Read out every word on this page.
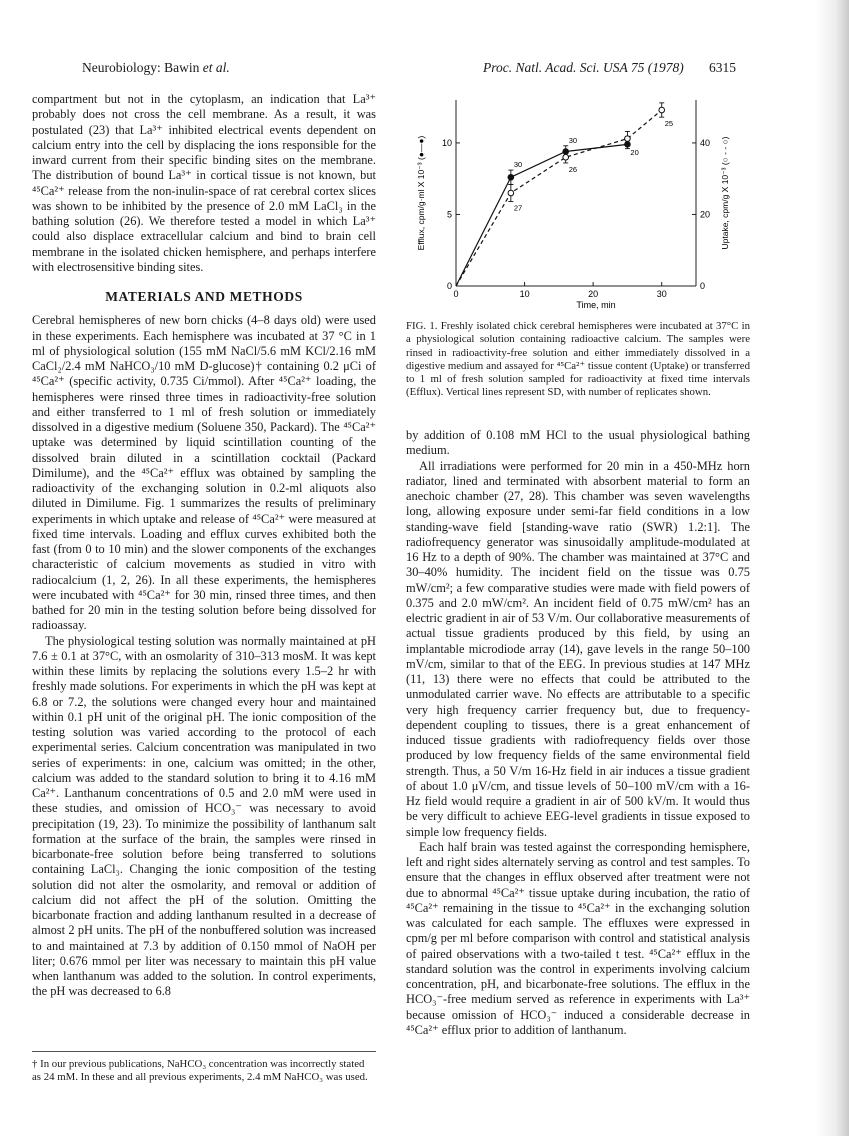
Neurobiology: Bawin et al.	Proc. Natl. Acad. Sci. USA 75 (1978) 6315

compartment but not in the cytoplasm, an indication that La³⁺ probably does not cross the cell membrane. As a result, it was postulated (23) that La³⁺ inhibited electrical events dependent on calcium entry into the cell by displacing the ions responsible for the inward current from their specific binding sites on the membrane. The distribution of bound La³⁺ in cortical tissue is not known, but ⁴⁵Ca²⁺ release from the non-inulin-space of rat cerebral cortex slices was shown to be inhibited by the presence of 2.0 mM LaCl₃ in the bathing solution (26). We therefore tested a model in which La³⁺ could also displace extracellular calcium and bind to brain cell membrane in the isolated chicken hemisphere, and perhaps interfere with electrosensitive binding sites.

MATERIALS AND METHODS

Cerebral hemispheres of new born chicks (4–8 days old) were used in these experiments. Each hemisphere was incubated at 37 °C in 1 ml of physiological solution (155 mM NaCl/5.6 mM KCl/2.16 mM CaCl₂/2.4 mM NaHCO₃/10 mM D-glucose)† containing 0.2 μCi of ⁴⁵Ca²⁺ (specific activity, 0.735 Ci/mmol). After ⁴⁵Ca²⁺ loading, the hemispheres were rinsed three times in radioactivity-free solution and either transferred to 1 ml of fresh solution or immediately dissolved in a digestive medium (Soluene 350, Packard). The ⁴⁵Ca²⁺ uptake was determined by liquid scintillation counting of the dissolved brain diluted in a scintillation cocktail (Packard Dimilume), and the ⁴⁵Ca²⁺ efflux was obtained by sampling the radioactivity of the exchanging solution in 0.2-ml aliquots also diluted in Dimilume. Fig. 1 summarizes the results of preliminary experiments in which uptake and release of ⁴⁵Ca²⁺ were measured at fixed time intervals. Loading and efflux curves exhibited both the fast (from 0 to 10 min) and the slower components of the exchanges characteristic of calcium movements as studied in vitro with radiocalcium (1, 2, 26). In all these experiments, the hemispheres were incubated with ⁴⁵Ca²⁺ for 30 min, rinsed three times, and then bathed for 20 min in the testing solution before being dissolved for radioassay.

The physiological testing solution was normally maintained at pH 7.6 ± 0.1 at 37°C, with an osmolarity of 310–313 mosM. It was kept within these limits by replacing the solutions every 1.5–2 hr with freshly made solutions. For experiments in which the pH was kept at 6.8 or 7.2, the solutions were changed every hour and maintained within 0.1 pH unit of the original pH. The ionic composition of the testing solution was varied according to the protocol of each experimental series. Calcium concentration was manipulated in two series of experiments: in one, calcium was omitted; in the other, calcium was added to the standard solution to bring it to 4.16 mM Ca²⁺. Lanthanum concentrations of 0.5 and 2.0 mM were used in these studies, and omission of HCO₃⁻ was necessary to avoid precipitation (19, 23). To minimize the possibility of lanthanum salt formation at the surface of the brain, the samples were rinsed in bicarbonate-free solution before being transferred to solutions containing LaCl₃. Changing the ionic composition of the testing solution did not alter the osmolarity, and removal or addition of calcium did not affect the pH of the solution. Omitting the bicarbonate fraction and adding lanthanum resulted in a decrease of almost 2 pH units. The pH of the nonbuffered solution was increased to and maintained at 7.3 by addition of 0.150 mmol of NaOH per liter; 0.676 mmol per liter was necessary to maintain this pH value when lanthanum was added to the solution. In control experiments, the pH was decreased to 6.8

† In our previous publications, NaHCO₃ concentration was incorrectly stated as 24 mM. In these and all previous experiments, 2.4 mM NaHCO₃ was used.
0	10	20	30
0
5
10
0
20
40
Time, min
Efflux, cpm/g·ml X 10⁻³ (●—●)	Uptake, cpm/g X 10⁻³ (○ - - ○)
30
30
27
26
20
25
FIG. 1. Freshly isolated chick cerebral hemispheres were incubated at 37°C in a physiological solution containing radioactive calcium. The samples were rinsed in radioactivity-free solution and either immediately dissolved in a digestive medium and assayed for ⁴⁵Ca²⁺ tissue content (Uptake) or transferred to 1 ml of fresh solution sampled for radioactivity at fixed time intervals (Efflux). Vertical lines represent SD, with number of replicates shown.

by addition of 0.108 mM HCl to the usual physiological bathing medium.

All irradiations were performed for 20 min in a 450-MHz horn radiator, lined and terminated with absorbent material to form an anechoic chamber (27, 28). This chamber was seven wavelengths long, allowing exposure under semi-far field conditions in a low standing-wave field [standing-wave ratio (SWR) 1.2:1]. The radiofrequency generator was sinusoidally amplitude-modulated at 16 Hz to a depth of 90%. The chamber was maintained at 37°C and 30–40% humidity. The incident field on the tissue was 0.75 mW/cm²; a few comparative studies were made with field powers of 0.375 and 2.0 mW/cm². An incident field of 0.75 mW/cm² has an electric gradient in air of 53 V/m. Our collaborative measurements of actual tissue gradients produced by this field, by using an implantable microdiode array (14), gave levels in the range 50–100 mV/cm, similar to that of the EEG. In previous studies at 147 MHz (11, 13) there were no effects that could be attributed to the unmodulated carrier wave. No effects are attributable to a specific very high frequency carrier frequency but, due to frequency-dependent coupling to tissues, there is a great enhancement of induced tissue gradients with radiofrequency fields over those produced by low frequency fields of the same environmental field strength. Thus, a 50 V/m 16-Hz field in air induces a tissue gradient of about 1.0 μV/cm, and tissue levels of 50–100 mV/cm with a 16-Hz field would require a gradient in air of 500 kV/m. It would thus be very difficult to achieve EEG-level gradients in tissue exposed to simple low frequency fields.

Each half brain was tested against the corresponding hemisphere, left and right sides alternately serving as control and test samples. To ensure that the changes in efflux observed after treatment were not due to abnormal ⁴⁵Ca²⁺ tissue uptake during incubation, the ratio of ⁴⁵Ca²⁺ remaining in the tissue to ⁴⁵Ca²⁺ in the exchanging solution was calculated for each sample. The effluxes were expressed in cpm/g per ml before comparison with control and statistical analysis of paired observations with a two-tailed t test. ⁴⁵Ca²⁺ efflux in the standard solution was the control in experiments involving calcium concentration, pH, and bicarbonate-free solutions. The efflux in the HCO₃⁻-free medium served as reference in experiments with La³⁺ because omission of HCO₃⁻ induced a considerable decrease in ⁴⁵Ca²⁺ efflux prior to addition of lanthanum.
